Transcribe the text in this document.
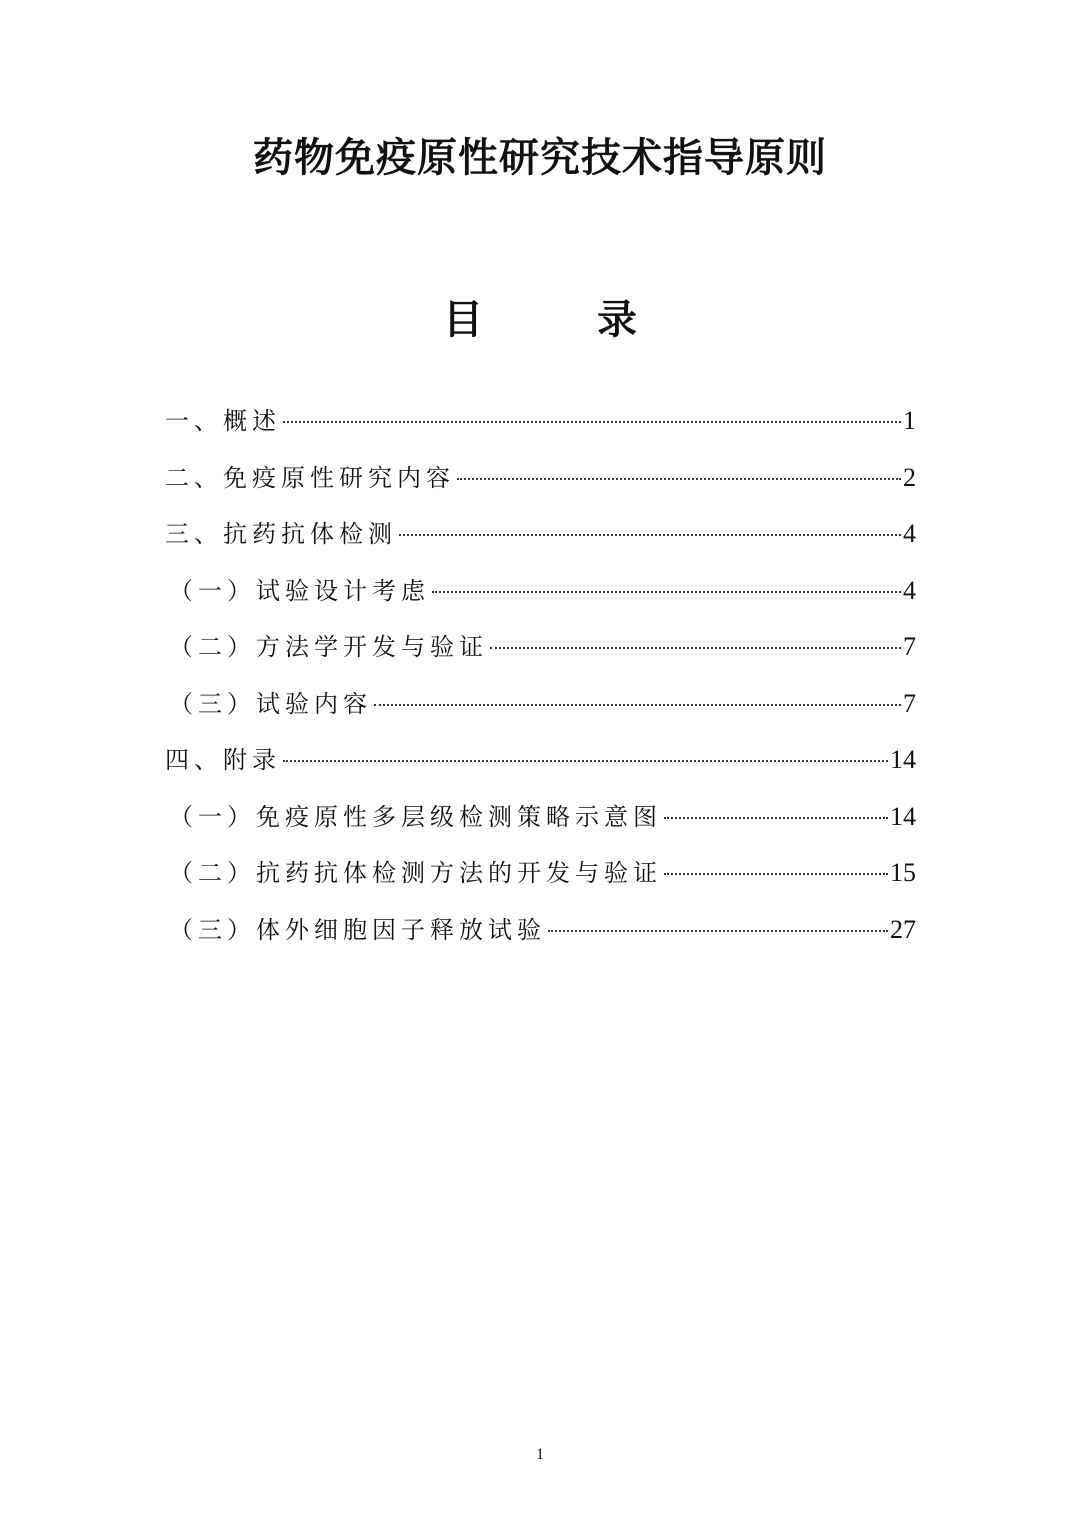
药物免疫原性研究技术指导原则
目 录
一、概述	1
二、免疫原性研究内容	2
三、抗药抗体检测	4
（一）试验设计考虑	4
（二）方法学开发与验证	7
（三）试验内容	7
四、附录	14
（一）免疫原性多层级检测策略示意图	14
（二）抗药抗体检测方法的开发与验证	15
（三）体外细胞因子释放试验	27
1
